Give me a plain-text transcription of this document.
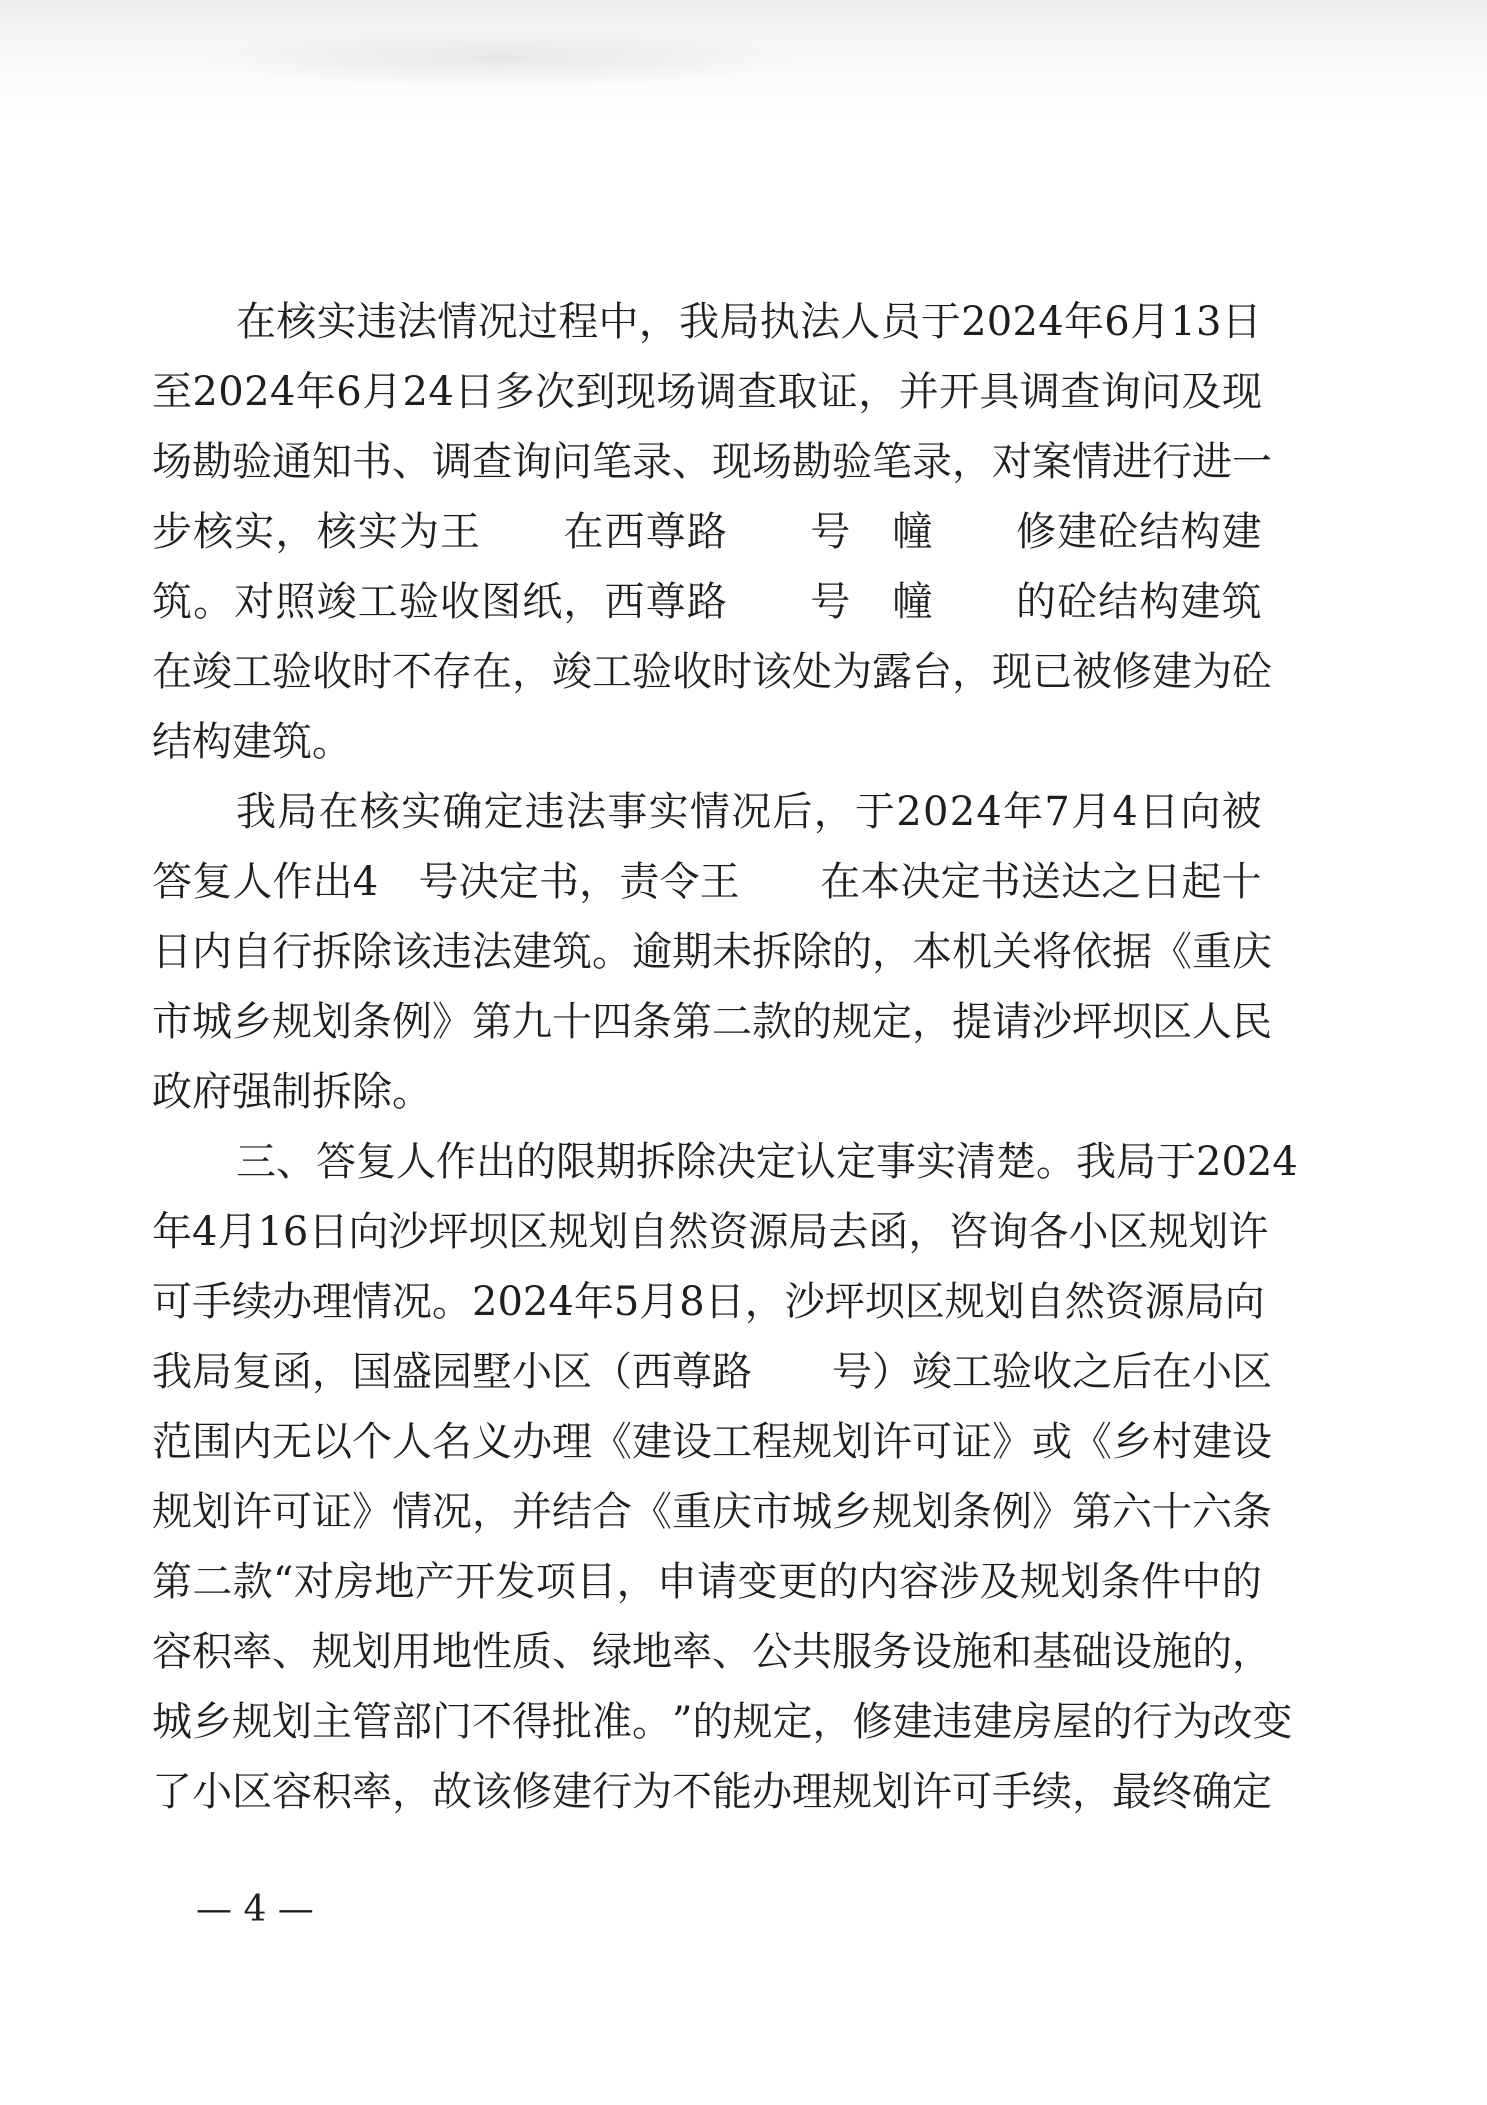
在 核 实 违 法 情 况 过 程 中 ， 我 局 执 法 人 员 于 2 0 2 4 年 6 月 1 3 日
至 2 0 2 4 年 6 月 2 4 日 多 次 到 现 场 调 查 取 证 ， 并 开 具 调 查 询 问 及 现
场 勘 验 通 知 书 、 调 查 询 问 笔 录 、 现 场 勘 验 笔 录 ， 对 案 情 进 行 进 一
步 核 实 ， 核 实 为 王

　 在 西 尊 路

　 号
　 幢

　 修 建 砼 结 构 建
筑 。 对 照 竣 工 验 收 图 纸 ， 西 尊 路

　 号
　 幢

　 的 砼 结 构 建 筑
在 竣 工 验 收 时 不 存 在 ， 竣 工 验 收 时 该 处 为 露 台 ， 现 已 被 修 建 为 砼
结构建筑。
我 局 在 核 实 确 定 违 法 事 实 情 况 后 ， 于 2 0 2 4 年 7 月 4 日 向 被
答 复 人 作 出 4
　 号 决 定 书 ， 责 令 王

　 在 本 决 定 书 送 达 之 日 起 十
日 内 自 行 拆 除 该 违 法 建 筑 。 逾 期 未 拆 除 的 ， 本 机 关 将 依 据 《 重 庆
市 城 乡 规 划 条 例 》 第 九 十 四 条 第 二 款 的 规 定 ， 提 请 沙 坪 坝 区 人 民
政府强制拆除。
三 、 答 复 人 作 出 的 限 期 拆 除 决 定 认 定 事 实 清 楚 。 我 局 于 2 0 2 4
年 4 月 1 6 日 向 沙 坪 坝 区 规 划 自 然 资 源 局 去 函 ， 咨 询 各 小 区 规 划 许
可 手 续 办 理 情 况 。 2 0 2 4 年 5 月 8 日 ， 沙 坪 坝 区 规 划 自 然 资 源 局 向
我 局 复 函 ， 国 盛 园 墅 小 区 （ 西 尊 路

　 号 ） 竣 工 验 收 之 后 在 小 区
范 围 内 无 以 个 人 名 义 办 理 《 建 设 工 程 规 划 许 可 证 》 或 《 乡 村 建 设
规 划 许 可 证 》 情 况 ， 并 结 合 《 重 庆 市 城 乡 规 划 条 例 》 第 六 十 六 条
第 二 款 “ 对 房 地 产 开 发 项 目 ， 申 请 变 更 的 内 容 涉 及 规 划 条 件 中 的
容 积 率 、 规 划 用 地 性 质 、 绿 地 率 、 公 共 服 务 设 施 和 基 础 设 施 的 ，
城 乡 规 划 主 管 部 门 不 得 批 准 。 ” 的 规 定 ， 修 建 违 建 房 屋 的 行 为 改 变
了 小 区 容 积 率 ， 故 该 修 建 行 为 不 能 办 理 规 划 许 可 手 续 ， 最 终 确 定
— 4 —
